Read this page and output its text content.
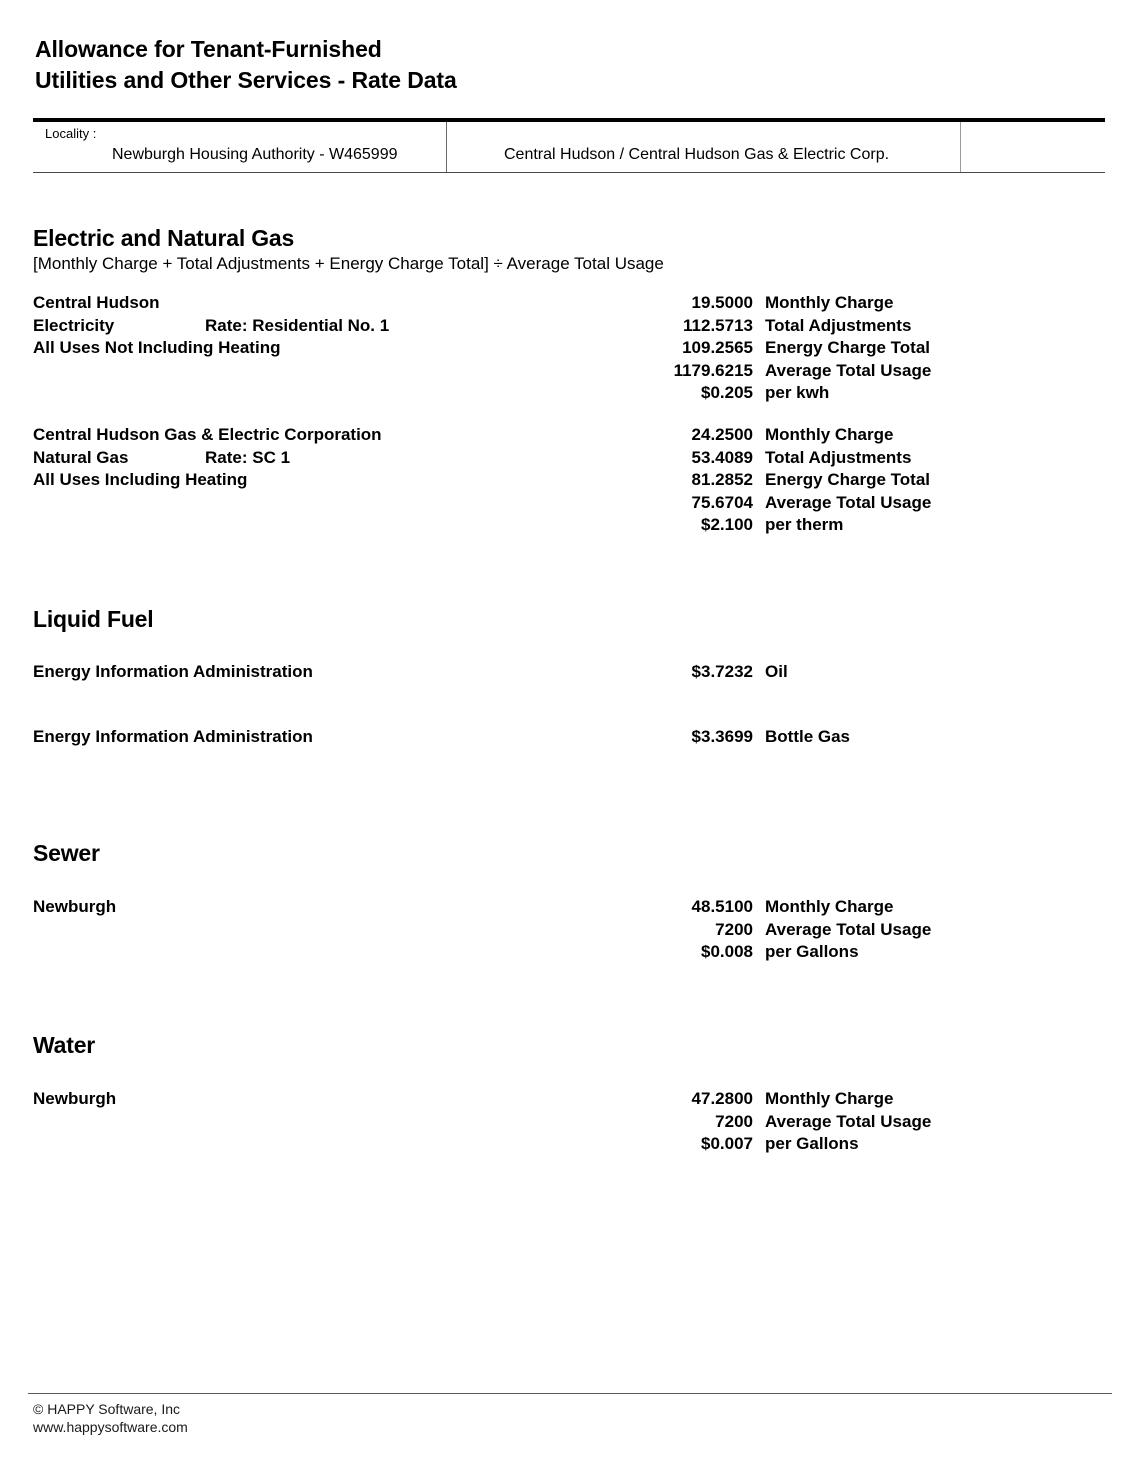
Allowance for Tenant-Furnished
Utilities and Other Services - Rate Data
Locality :
Newburgh Housing Authority - W465999	Central Hudson / Central Hudson Gas & Electric Corp.
Electric and Natural Gas
[Monthly Charge + Total Adjustments + Energy Charge Total] ÷ Average Total Usage
Central Hudson
Electricity	Rate: Residential No. 1
All Uses Not Including Heating
19.5000 Monthly Charge
112.5713 Total Adjustments
109.2565 Energy Charge Total
1179.6215 Average Total Usage
$0.205 per kwh
Central Hudson Gas & Electric Corporation
Natural Gas	Rate: SC 1
All Uses Including Heating
24.2500 Monthly Charge
53.4089 Total Adjustments
81.2852 Energy Charge Total
75.6704 Average Total Usage
$2.100 per therm
Liquid Fuel
Energy Information Administration	$3.7232 Oil
Energy Information Administration	$3.3699 Bottle Gas
Sewer
Newburgh	48.5100 Monthly Charge
7200 Average Total Usage
$0.008 per Gallons
Water
Newburgh	47.2800 Monthly Charge
7200 Average Total Usage
$0.007 per Gallons
© HAPPY Software, Inc
www.happysoftware.com
